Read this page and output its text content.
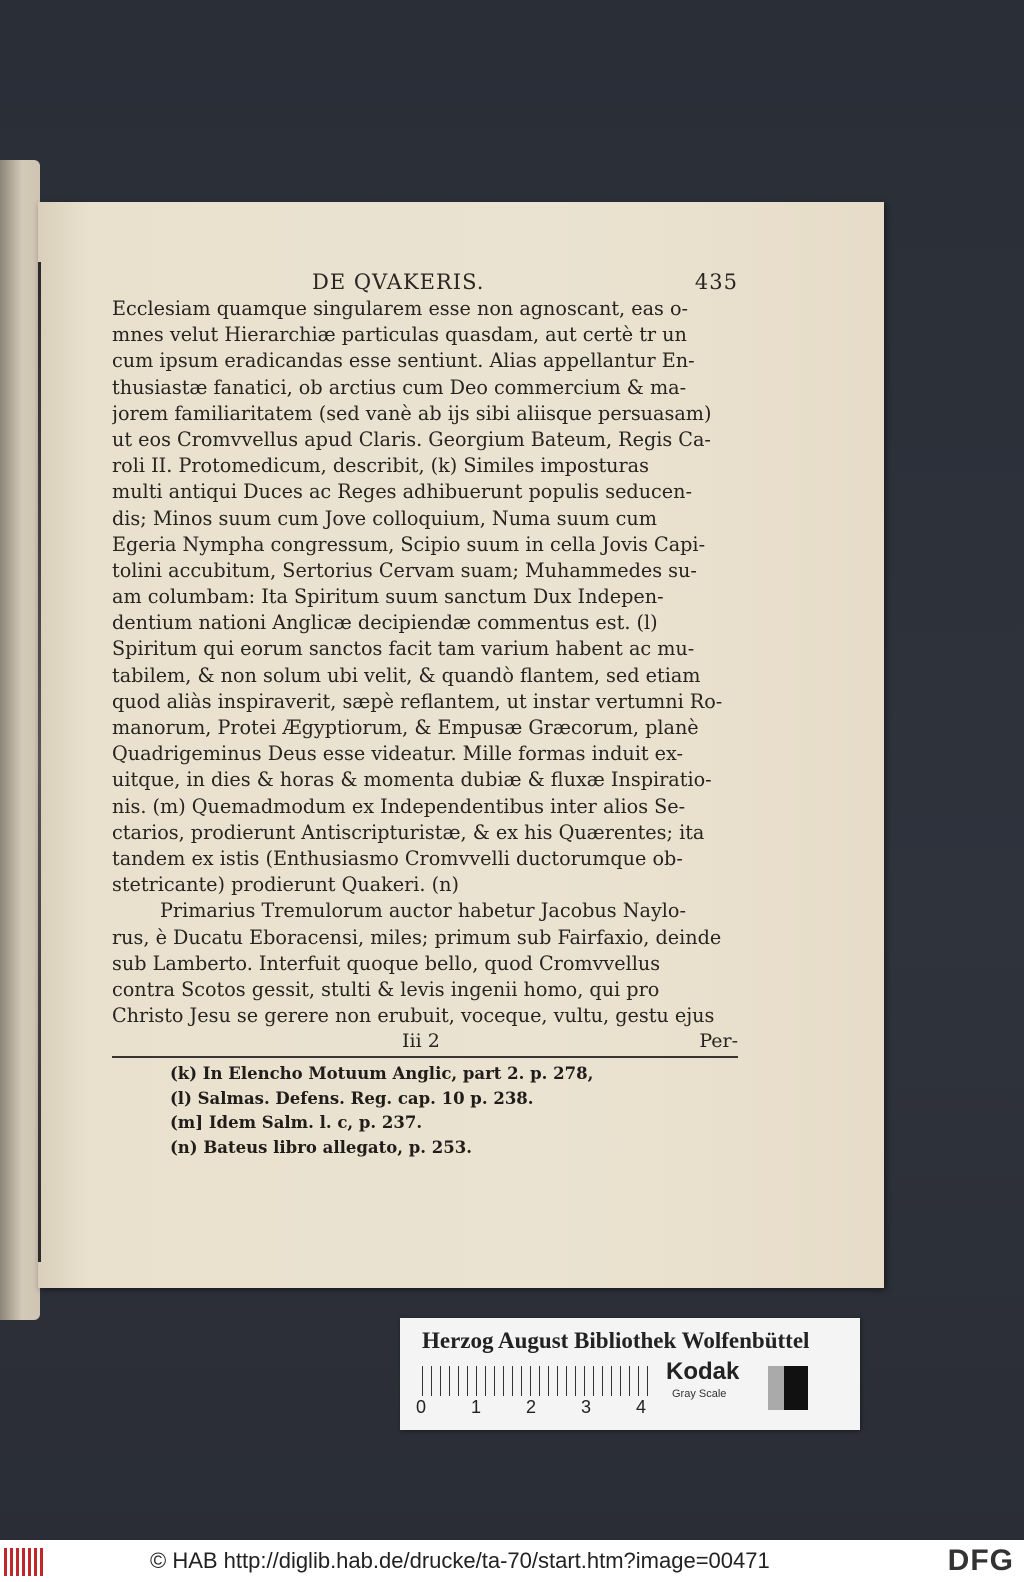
DE QVAKERIS.	435
Ecclesiam quamque singularem esse non agnoscant, eas o-
mnes velut Hierarchiæ particulas quasdam, aut certè tr un
cum ipsum eradicandas esse sentiunt. Alias appellantur En-
thusiastæ fanatici, ob arctius cum Deo commercium & ma-
jorem familiaritatem (sed vanè ab ijs sibi aliisque persuasam)
ut eos Cromvvellus apud Claris. Georgium Bateum, Regis Ca-
roli II. Protomedicum, describit, (k) Similes imposturas
multi antiqui Duces ac Reges adhibuerunt populis seducen-
dis; Minos suum cum Jove colloquium, Numa suum cum
Egeria Nympha congressum, Scipio suum in cella Jovis Capi-
tolini accubitum, Sertorius Cervam suam; Muhammedes su-
am columbam: Ita Spiritum suum sanctum Dux Indepen-
dentium nationi Anglicæ decipiendæ commentus est. (l)
Spiritum qui eorum sanctos facit tam varium habent ac mu-
tabilem, & non solum ubi velit, & quandò flantem, sed etiam
quod aliàs inspiraverit, sæpè reflantem, ut instar vertumni Ro-
manorum, Protei Ægyptiorum, & Empusæ Græcorum, planè
Quadrigeminus Deus esse videatur. Mille formas induit ex-
uitque, in dies & horas & momenta dubiæ & fluxæ Inspiratio-
nis. (m) Quemadmodum ex Independentibus inter alios Se-
ctarios, prodierunt Antiscripturistæ, & ex his Quærentes; ita
tandem ex istis (Enthusiasmo Cromvvelli ductorumque ob-
stetricante) prodierunt Quakeri. (n)
Primarius Tremulorum auctor habetur Jacobus Naylo-
rus, è Ducatu Eboracensi, miles; primum sub Fairfaxio, deinde
sub Lamberto. Interfuit quoque bello, quod Cromvvellus
contra Scotos gessit, stulti & levis ingenii homo, qui pro
Christo Jesu se gerere non erubuit, voceque, vultu, gestu ejus
Iii 2	Per-
(k) In Elencho Motuum Anglic, part 2. p. 278,
(l) Salmas. Defens. Reg. cap. 10 p. 238.
(m] Idem Salm. l. c, p. 237.
(n) Bateus libro allegato, p. 253.
Herzog August Bibliothek Wolfenbüttel
0 1 2 3 4
Kodak
Gray Scale
© HAB http://diglib.hab.de/drucke/ta-70/start.htm?image=00471	DFG
